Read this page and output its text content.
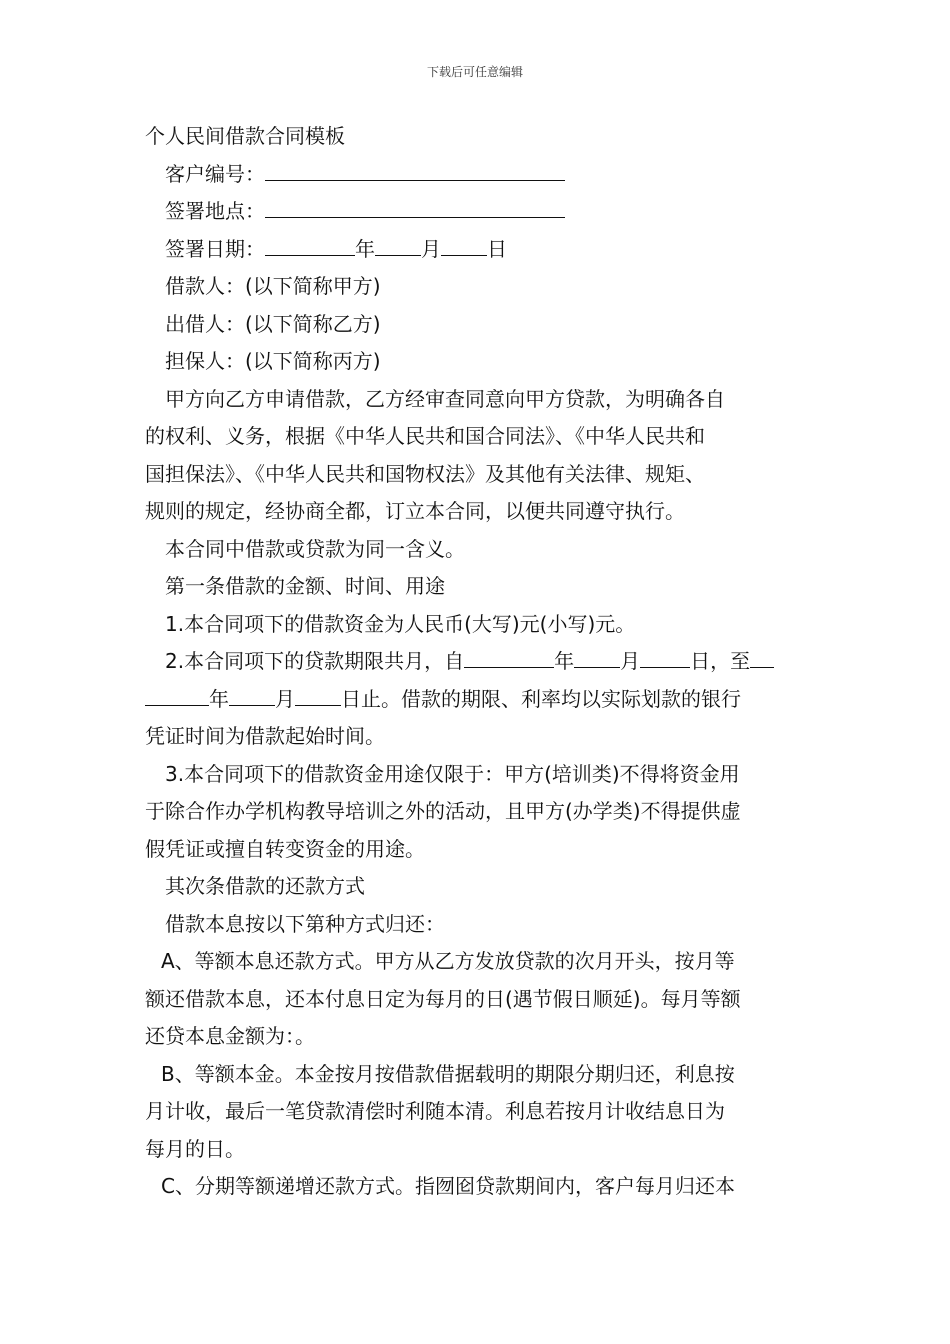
下载后可任意编辑
个人民间借款合同模板
客户编号：
签署地点：
签署日期：	年 月 日
借款人：(以下简称甲方)
出借人：(以下简称乙方)
担保人：(以下简称丙方)
甲方向乙方申请借款，乙方经审查同意向甲方贷款，为明确各自
的权利、义务，根据《中华人民共和国合同法》、《中华人民共和
国担保法》、《中华人民共和国物权法》及其他有关法律、规矩、
规则的规定，经协商全都，订立本合同，以便共同遵守执行。
本合同中借款或贷款为同一含义。
第一条借款的金额、时间、用途
1.本合同项下的借款资金为人民币(大写)元(小写)元。
2.本合同项下的贷款期限共月，自	年 月	日，至
年 月 日止。借款的期限、利率均以实际划款的银行
凭证时间为借款起始时间。
3.本合同项下的借款资金用途仅限于：甲方(培训类)不得将资金用
于除合作办学机构教导培训之外的活动，且甲方(办学类)不得提供虚
假凭证或擅自转变资金的用途。
其次条借款的还款方式
借款本息按以下第种方式归还：
A、等额本息还款方式。甲方从乙方发放贷款的次月开头，按月等
额还借款本息，还本付息日定为每月的日(遇节假日顺延)。每月等额
还贷本息金额为：。
B、等额本金。本金按月按借款借据载明的期限分期归还，利息按
月计收，最后一笔贷款清偿时利随本清。利息若按月计收结息日为
每月的日。
C、分期等额递增还款方式。指囫囵贷款期间内，客户每月归还本
